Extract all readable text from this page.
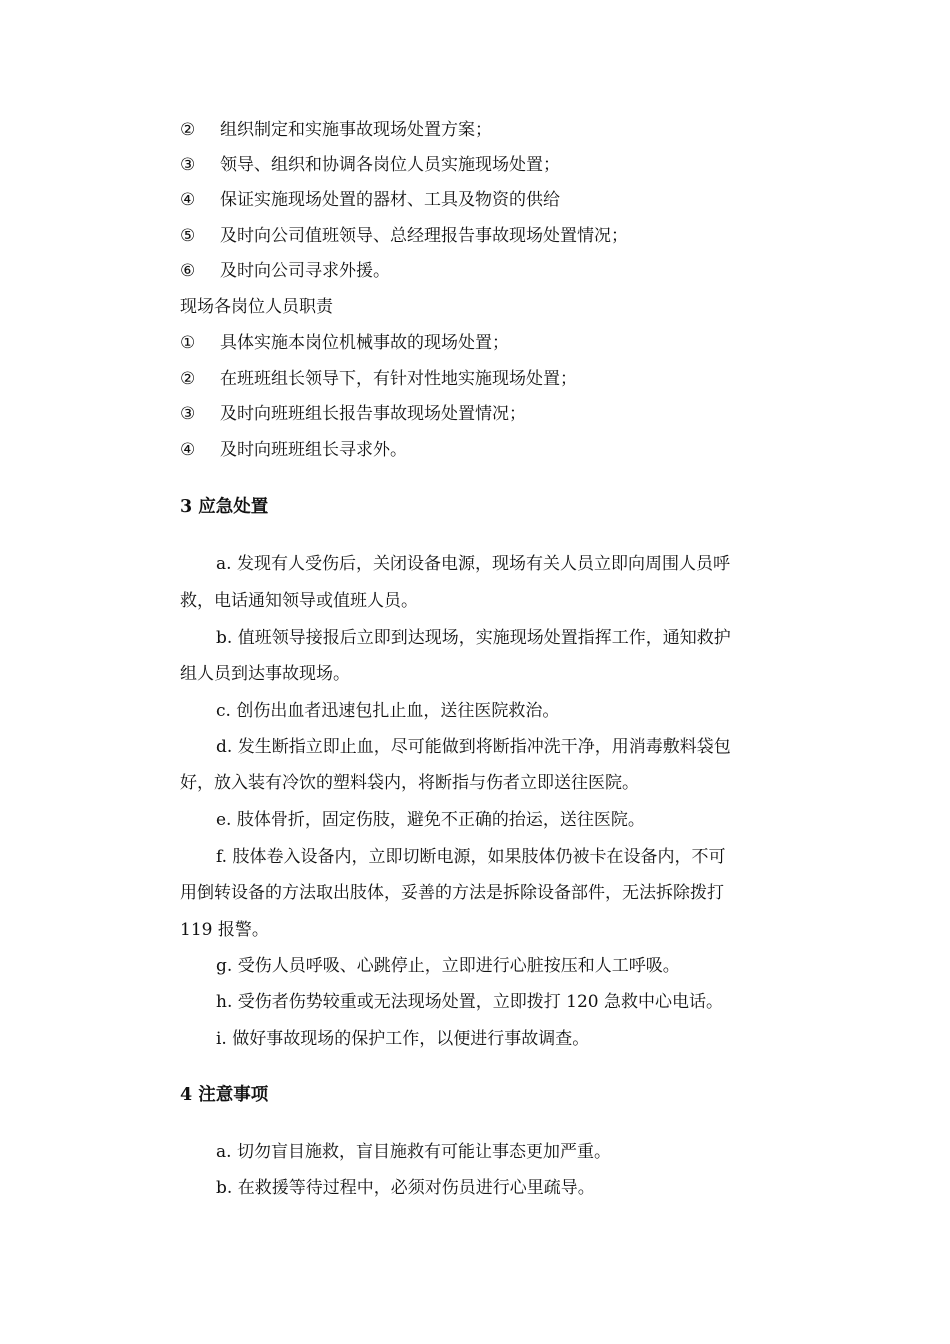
② 组织制定和实施事故现场处置方案；
③ 领导、组织和协调各岗位人员实施现场处置；
④ 保证实施现场处置的器材、工具及物资的供给
⑤ 及时向公司值班领导、总经理报告事故现场处置情况；
⑥ 及时向公司寻求外援。
现场各岗位人员职责
① 具体实施本岗位机械事故的现场处置；
② 在班班组长领导下，有针对性地实施现场处置；
③ 及时向班班组长报告事故现场处置情况；
④ 及时向班班组长寻求外。
3 应急处置
a. 发现有人受伤后，关闭设备电源，现场有关人员立即向周围人员呼
救，电话通知领导或值班人员。
b. 值班领导接报后立即到达现场，实施现场处置指挥工作，通知救护
组人员到达事故现场。
c. 创伤出血者迅速包扎止血，送往医院救治。
d. 发生断指立即止血，尽可能做到将断指冲洗干净，用消毒敷料袋包
好，放入装有冷饮的塑料袋内，将断指与伤者立即送往医院。
e. 肢体骨折，固定伤肢，避免不正确的抬运，送往医院。
f. 肢体卷入设备内，立即切断电源，如果肢体仍被卡在设备内，不可
用倒转设备的方法取出肢体，妥善的方法是拆除设备部件，无法拆除拨打
119 报警。
g. 受伤人员呼吸、心跳停止，立即进行心脏按压和人工呼吸。
h. 受伤者伤势较重或无法现场处置，立即拨打 120 急救中心电话。
i. 做好事故现场的保护工作，以便进行事故调查。
4 注意事项
a. 切勿盲目施救，盲目施救有可能让事态更加严重。
b. 在救援等待过程中，必须对伤员进行心里疏导。
